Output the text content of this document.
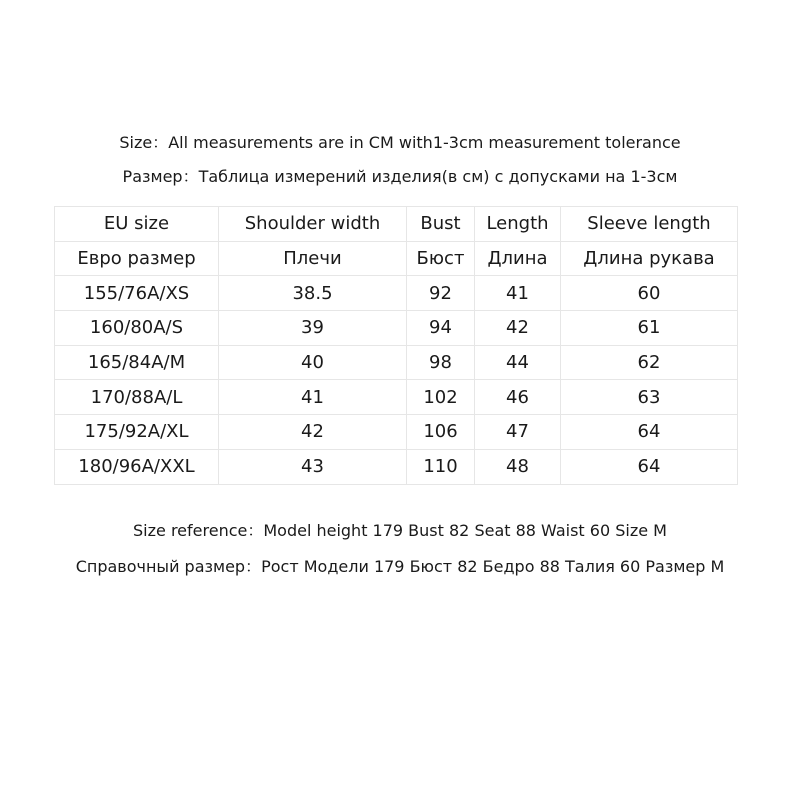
Size：All measurements are in CM with1-3cm measurement tolerance
Размер：Таблица измерений изделия(в см) с допусками на 1-3см
EU size	Shoulder width	Bust	Length	Sleeve length
Евро размер	Плечи	Бюст	Длина	Длина рукава
155/76A/XS	38.5	92	41	60
160/80A/S	39	94	42	61
165/84A/M	40	98	44	62
170/88A/L	41	102	46	63
175/92A/XL	42	106	47	64
180/96A/XXL	43	110	48	64
Size reference：Model height 179 Bust 82 Seat 88 Waist 60 Size M
Справочный размер：Рост Модели 179 Бюст 82 Бедро 88 Талия 60 Размер M
